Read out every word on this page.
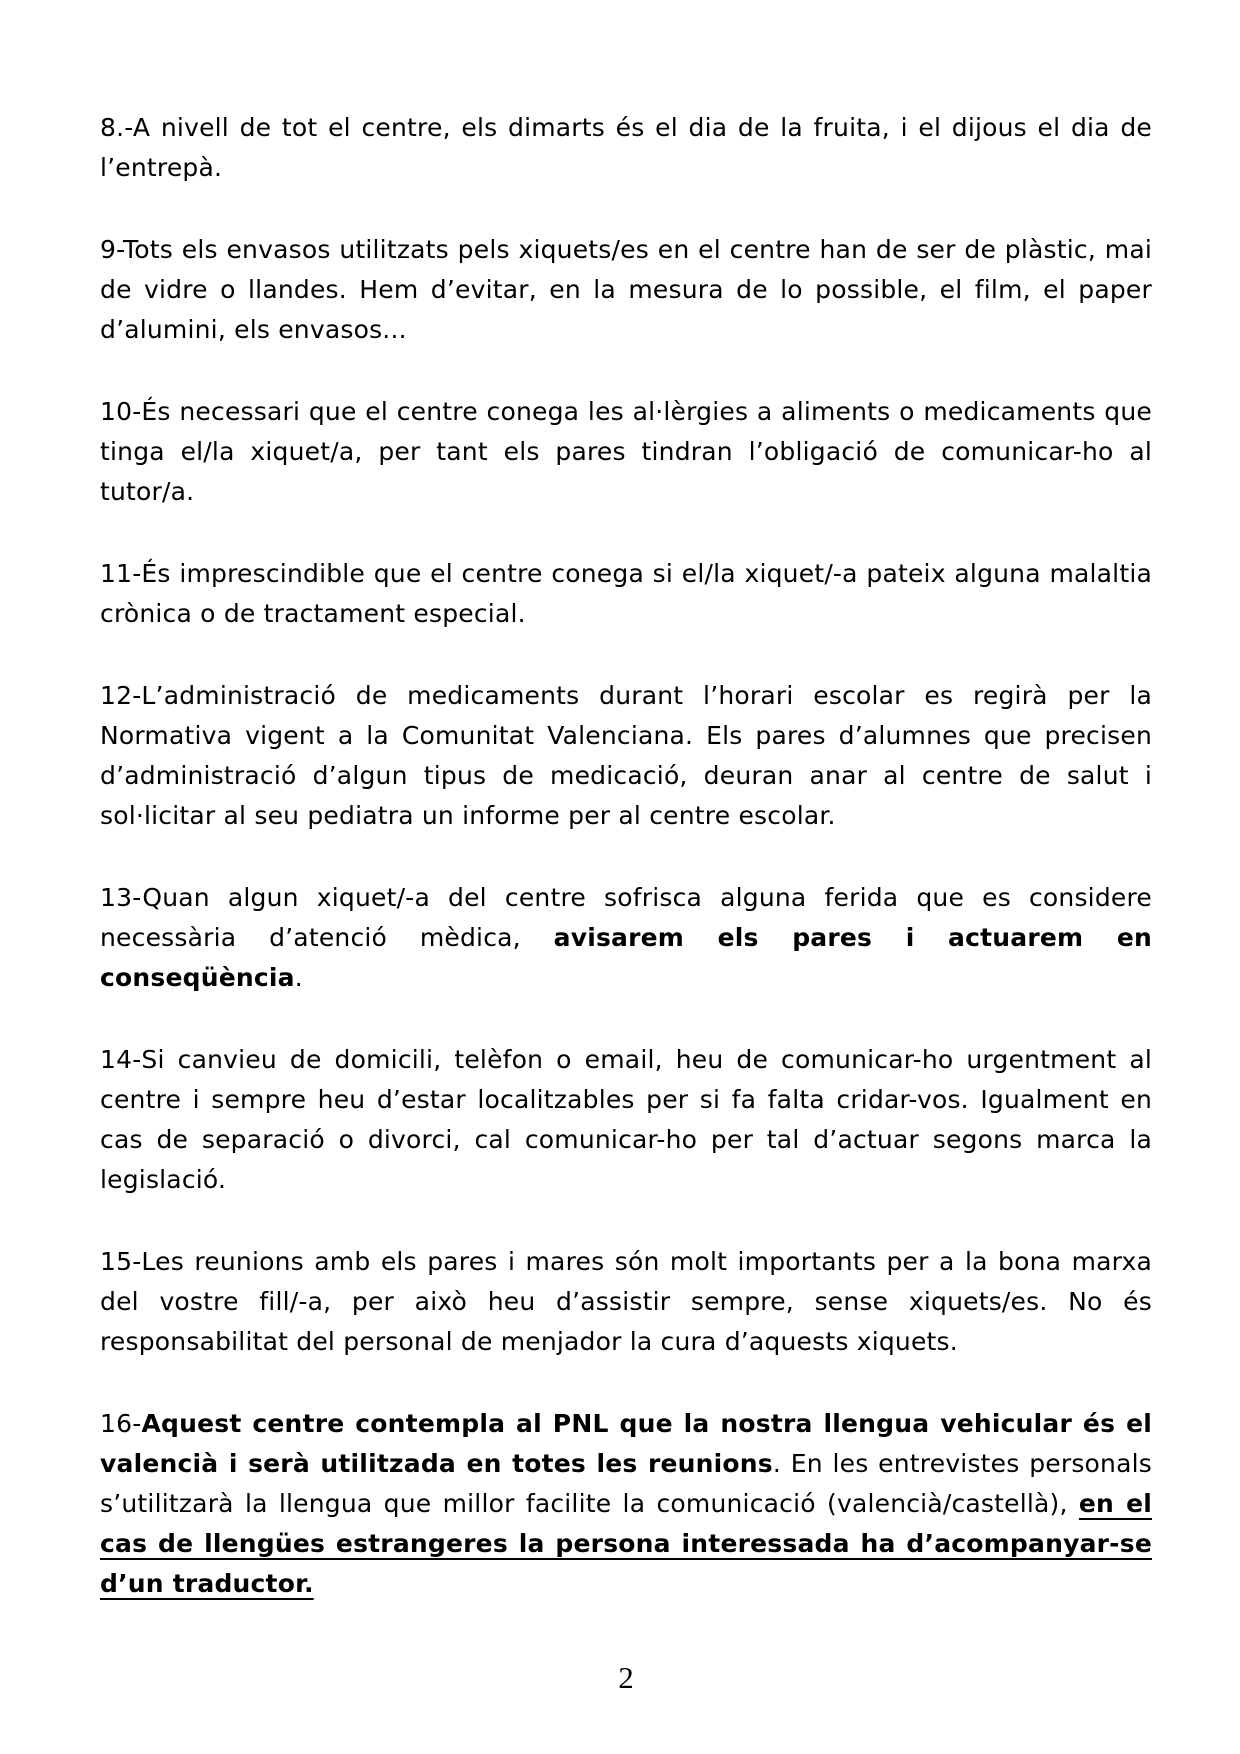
8.-A nivell de tot el centre, els dimarts és el dia de la fruita, i el dijous el dia de l’entrepà.

9-Tots els envasos utilitzats pels xiquets/es en el centre han de ser de plàstic, mai de vidre o llandes. Hem d’evitar, en la mesura de lo possible, el film, el paper d’alumini, els envasos...

10-És necessari que el centre conega les al·lèrgies a aliments o medicaments que tinga el/la xiquet/a, per tant els pares tindran l’obligació de comunicar-ho al tutor/a.

11-És imprescindible que el centre conega si el/la xiquet/-a pateix alguna malaltia crònica o de tractament especial.

12-L’administració de medicaments durant l’horari escolar es regirà per la Normativa vigent a la Comunitat Valenciana. Els pares d’alumnes que precisen d’administració d’algun tipus de medicació, deuran anar al centre de salut i sol·licitar al seu pediatra un informe per al centre escolar.

13-Quan algun xiquet/-a del centre sofrisca alguna ferida que es considere necessària d’atenció mèdica, avisarem els pares i actuarem en conseqüència.

14-Si canvieu de domicili, telèfon o email, heu de comunicar-ho urgentment al centre i sempre heu d’estar localitzables per si fa falta cridar-vos. Igualment en cas de separació o divorci, cal comunicar-ho per tal d’actuar segons marca la legislació.

15-Les reunions amb els pares i mares són molt importants per a la bona marxa del vostre fill/-a, per això heu d’assistir sempre, sense xiquets/es. No és responsabilitat del personal de menjador la cura d’aquests xiquets.

16-Aquest centre contempla al PNL que la nostra llengua vehicular és el valencià i serà utilitzada en totes les reunions. En les entrevistes personals s’utilitzarà la llengua que millor facilite la comunicació (valencià/castellà), en el cas de llengües estrangeres la persona interessada ha d’acompanyar-se d’un traductor.

2
